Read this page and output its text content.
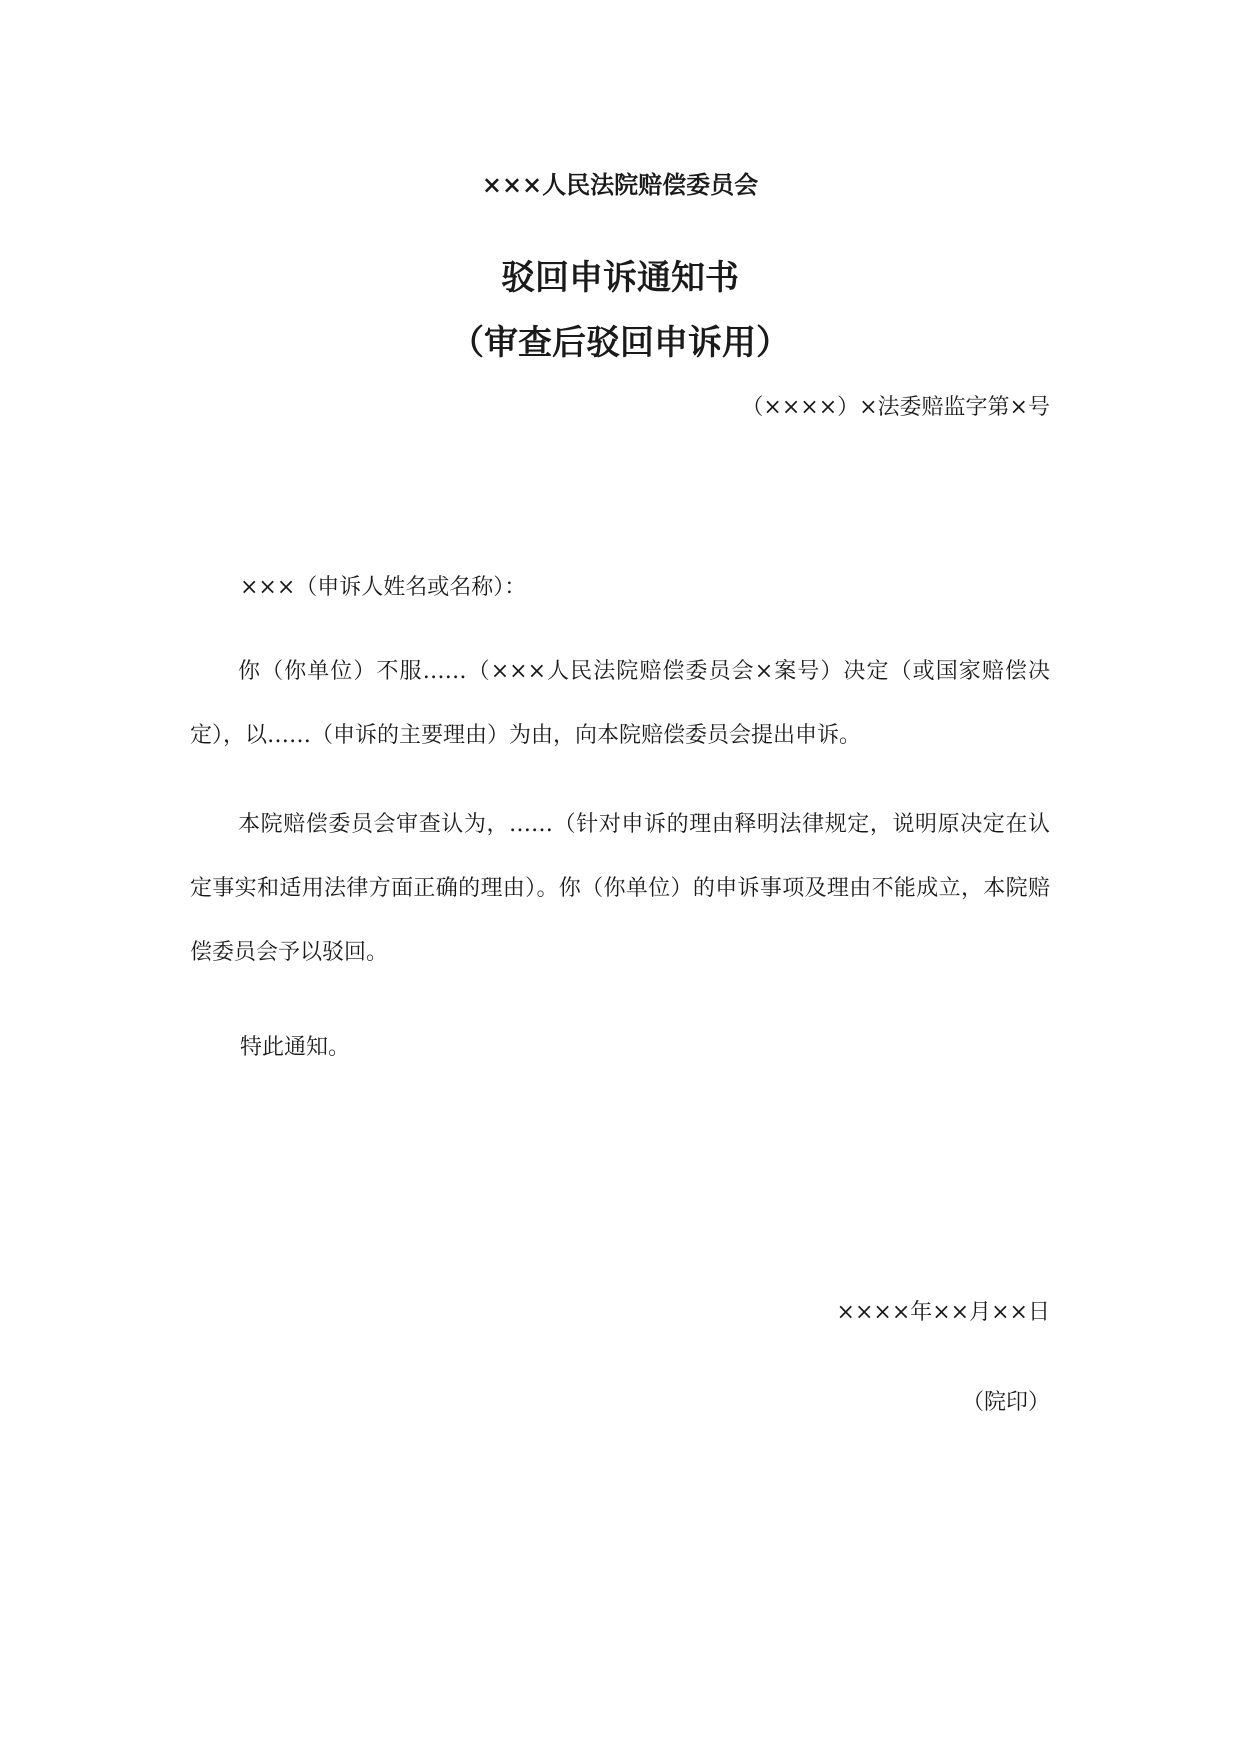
×××人民法院赔偿委员会
驳回申诉通知书
（审查后驳回申诉用）
（××××）×法委赔监字第×号
×××（申诉人姓名或名称）：
你（你单位）不服……（×××人民法院赔偿委员会×案号）决定（或国家赔偿决定），以……（申诉的主要理由）为由，向本院赔偿委员会提出申诉。
本院赔偿委员会审查认为，……（针对申诉的理由释明法律规定，说明原决定在认定事实和适用法律方面正确的理由）。你（你单位）的申诉事项及理由不能成立，本院赔偿委员会予以驳回。
特此通知。
××××年××月××日
（院印）
